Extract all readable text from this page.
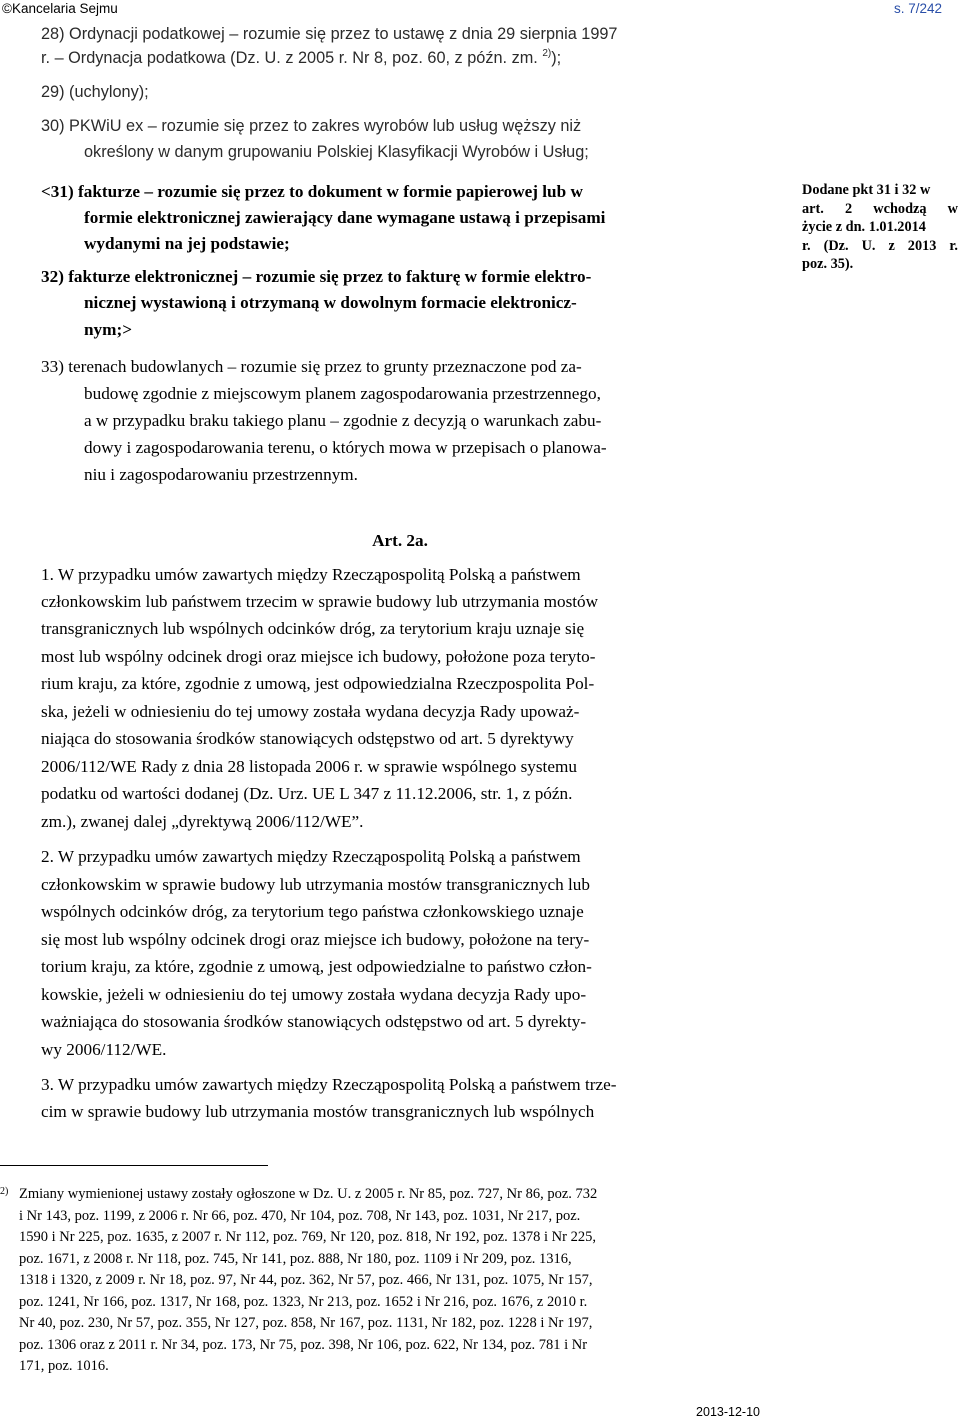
©Kancelaria Sejmu	s. 7/242
28) Ordynacji podatkowej – rozumie się przez to ustawę z dnia 29 sierpnia 1997
r. – Ordynacja podatkowa (Dz. U. z 2005 r. Nr 8, poz. 60, z późn. zm. $^{2)}$);
29) (uchylony);
30) PKWiU ex – rozumie się przez to zakres wyrobów lub usług węższy niż
określony w danym grupowaniu Polskiej Klasyfikacji Wyrobów i Usług;
<31) fakturze – rozumie się przez to dokument w formie papierowej lub w
formie elektronicznej zawierający dane wymagane ustawą i przepisami
wydanymi na jej podstawie;
32) fakturze elektronicznej – rozumie się przez to fakturę w formie elektro-
nicznej wystawioną i otrzymaną w dowolnym formacie elektronicz-
nym;>
33) terenach budowlanych – rozumie się przez to grunty przeznaczone pod za-
budowę zgodnie z miejscowym planem zagospodarowania przestrzennego,
a w przypadku braku takiego planu – zgodnie z decyzją o warunkach zabu-
dowy i zagospodarowania terenu, o których mowa w przepisach o planowa-
niu i zagospodarowaniu przestrzennym.
Dodane pkt 31 i 32 w
art. 2 wchodzą w
życie z dn. 1.01.2014
r. (Dz. U. z 2013 r.
poz. 35).
Art. 2a.
1. W przypadku umów zawartych między Rzecząpospolitą Polską a państwem
członkowskim lub państwem trzecim w sprawie budowy lub utrzymania mostów
transgranicznych lub wspólnych odcinków dróg, za terytorium kraju uznaje się
most lub wspólny odcinek drogi oraz miejsce ich budowy, położone poza teryto-
rium kraju, za które, zgodnie z umową, jest odpowiedzialna Rzeczpospolita Pol-
ska, jeżeli w odniesieniu do tej umowy została wydana decyzja Rady upoważ-
niająca do stosowania środków stanowiących odstępstwo od art. 5 dyrektywy
2006/112/WE Rady z dnia 28 listopada 2006 r. w sprawie wspólnego systemu
podatku od wartości dodanej (Dz. Urz. UE L 347 z 11.12.2006, str. 1, z późn.
zm.), zwanej dalej „dyrektywą 2006/112/WE”.
2. W przypadku umów zawartych między Rzecząpospolitą Polską a państwem
członkowskim w sprawie budowy lub utrzymania mostów transgranicznych lub
wspólnych odcinków dróg, za terytorium tego państwa członkowskiego uznaje
się most lub wspólny odcinek drogi oraz miejsce ich budowy, położone na tery-
torium kraju, za które, zgodnie z umową, jest odpowiedzialne to państwo człon-
kowskie, jeżeli w odniesieniu do tej umowy została wydana decyzja Rady upo-
ważniająca do stosowania środków stanowiących odstępstwo od art. 5 dyrekty-
wy 2006/112/WE.
3. W przypadku umów zawartych między Rzecząpospolitą Polską a państwem trze-
cim w sprawie budowy lub utrzymania mostów transgranicznych lub wspólnych
2) Zmiany wymienionej ustawy zostały ogłoszone w Dz. U. z 2005 r. Nr 85, poz. 727, Nr 86, poz. 732
i Nr 143, poz. 1199, z 2006 r. Nr 66, poz. 470, Nr 104, poz. 708, Nr 143, poz. 1031, Nr 217, poz.
1590 i Nr 225, poz. 1635, z 2007 r. Nr 112, poz. 769, Nr 120, poz. 818, Nr 192, poz. 1378 i Nr 225,
poz. 1671, z 2008 r. Nr 118, poz. 745, Nr 141, poz. 888, Nr 180, poz. 1109 i Nr 209, poz. 1316,
1318 i 1320, z 2009 r. Nr 18, poz. 97, Nr 44, poz. 362, Nr 57, poz. 466, Nr 131, poz. 1075, Nr 157,
poz. 1241, Nr 166, poz. 1317, Nr 168, poz. 1323, Nr 213, poz. 1652 i Nr 216, poz. 1676, z 2010 r.
Nr 40, poz. 230, Nr 57, poz. 355, Nr 127, poz. 858, Nr 167, poz. 1131, Nr 182, poz. 1228 i Nr 197,
poz. 1306 oraz z 2011 r. Nr 34, poz. 173, Nr 75, poz. 398, Nr 106, poz. 622, Nr 134, poz. 781 i Nr
171, poz. 1016.
2013-12-10
